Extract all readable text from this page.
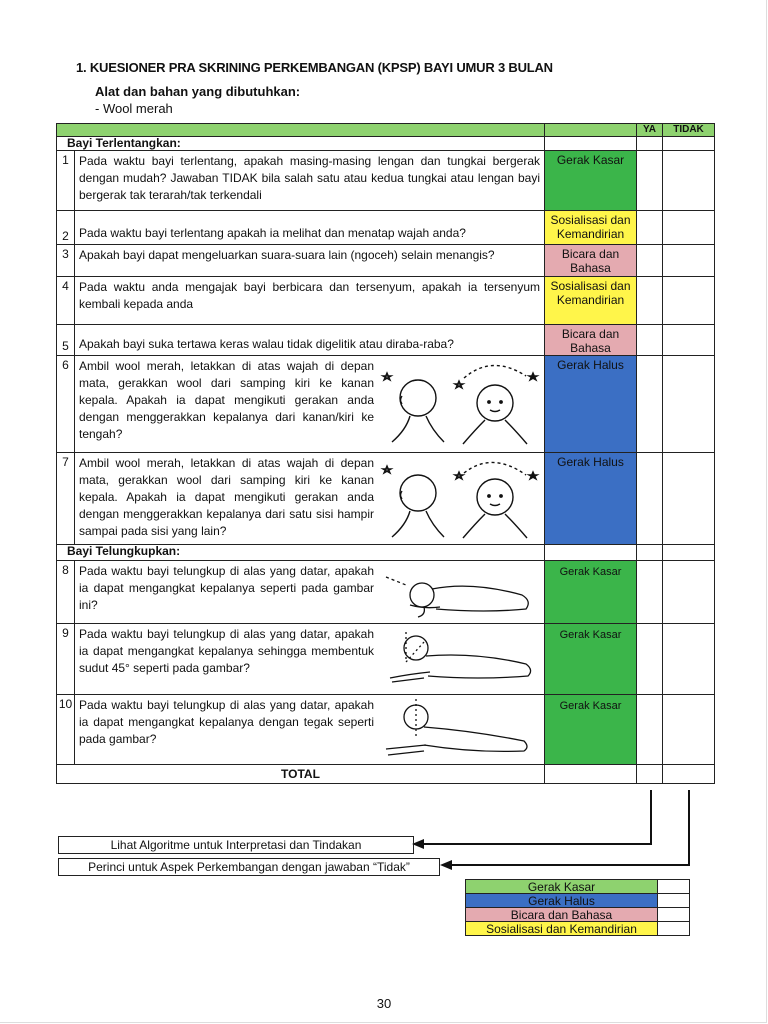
1. KUESIONER PRA SKRINING PERKEMBANGAN (KPSP) BAYI UMUR 3 BULAN
Alat dan bahan yang dibutuhkan:
- Wool merah
			YA	TIDAK
Bayi Terlentangkan:				
1	Pada waktu bayi terlentang, apakah masing-masing lengan dan tungkai bergerak dengan mudah? Jawaban TIDAK bila salah satu atau kedua tungkai atau lengan bayi bergerak tak terarah/tak terkendali	Gerak Kasar		
2	Pada waktu bayi terlentang apakah ia melihat dan menatap wajah anda?	Sosialisasi dan Kemandirian		
3	Apakah bayi dapat mengeluarkan suara-suara lain (ngoceh) selain menangis?	Bicara dan Bahasa		
4	Pada waktu anda mengajak bayi berbicara dan tersenyum, apakah ia tersenyum kembali kepada anda	Sosialisasi dan Kemandirian		
5	Apakah bayi suka tertawa keras walau tidak digelitik atau diraba-raba?	Bicara dan Bahasa		
6	Ambil wool merah, letakkan di atas wajah di depan mata, gerakkan wool dari samping kiri ke kanan kepala. Apakah ia dapat mengikuti gerakan anda dengan menggerakkan kepalanya dari kanan/kiri ke tengah?	Gerak Halus		
7	Ambil wool merah, letakkan di atas wajah di depan mata, gerakkan wool dari samping kiri ke kanan kepala. Apakah ia dapat mengikuti gerakan anda dengan menggerakkan kepalanya dari satu sisi hampir sampai pada sisi yang lain?	Gerak Halus		
Bayi Telungkupkan:				
8	Pada waktu bayi telungkup di alas yang datar, apakah ia dapat mengangkat kepalanya seperti pada gambar ini?	Gerak Kasar		
9	Pada waktu bayi telungkup di alas yang datar, apakah ia dapat mengangkat kepalanya sehingga membentuk sudut 45° seperti pada gambar?	Gerak Kasar		
10	Pada waktu bayi telungkup di alas yang datar, apakah ia dapat mengangkat kepalanya dengan tegak seperti pada gambar?	Gerak Kasar		
TOTAL				
Lihat Algoritme untuk Interpretasi dan Tindakan
Perinci untuk Aspek Perkembangan dengan jawaban “Tidak”
Gerak Kasar	
Gerak Halus	
Bicara dan Bahasa	
Sosialisasi dan Kemandirian	
30
